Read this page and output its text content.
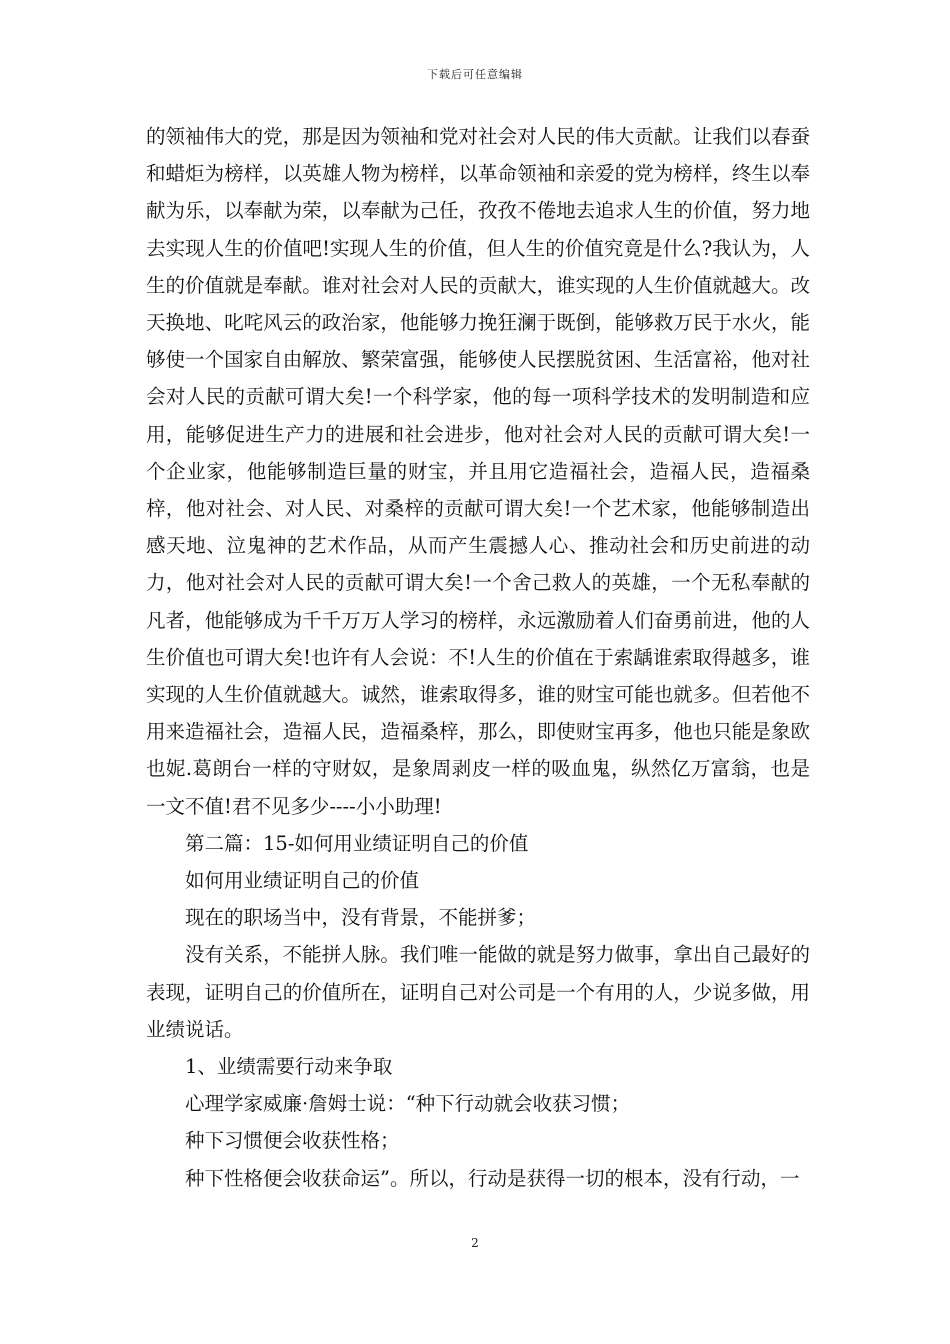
下载后可任意编辑

的领袖伟大的党，那是因为领袖和党对社会对人民的伟大贡献。让我们以春蚕和蜡炬为榜样，以英雄人物为榜样，以革命领袖和亲爱的党为榜样，终生以奉献为乐，以奉献为荣，以奉献为己任，孜孜不倦地去追求人生的价值，努力地去实现人生的价值吧!实现人生的价值，但人生的价值究竟是什么?我认为，人生的价值就是奉献。谁对社会对人民的贡献大，谁实现的人生价值就越大。改天换地、叱咤风云的政治家，他能够力挽狂澜于既倒，能够救万民于水火，能够使一个国家自由解放、繁荣富强，能够使人民摆脱贫困、生活富裕，他对社会对人民的贡献可谓大矣!一个科学家，他的每一项科学技术的发明制造和应用，能够促进生产力的进展和社会进步，他对社会对人民的贡献可谓大矣!一个企业家，他能够制造巨量的财宝，并且用它造福社会，造福人民，造福桑梓，他对社会、对人民、对桑梓的贡献可谓大矣!一个艺术家，他能够制造出感天地、泣鬼神的艺术作品，从而产生震撼人心、推动社会和历史前进的动力，他对社会对人民的贡献可谓大矣!一个舍己救人的英雄，一个无私奉献的凡者，他能够成为千千万万人学习的榜样，永远激励着人们奋勇前进，他的人生价值也可谓大矣!也许有人会说：不!人生的价值在于索龋谁索取得越多，谁实现的人生价值就越大。诚然，谁索取得多，谁的财宝可能也就多。但若他不用来造福社会，造福人民，造福桑梓，那么，即使财宝再多，他也只能是象欧也妮.葛朗台一样的守财奴，是象周剥皮一样的吸血鬼，纵然亿万富翁，也是一文不值!君不见多少----小小助理!

第二篇：15-如何用业绩证明自己的价值

如何用业绩证明自己的价值

现在的职场当中，没有背景，不能拼爹；

没有关系，不能拼人脉。我们唯一能做的就是努力做事，拿出自己最好的表现，证明自己的价值所在，证明自己对公司是一个有用的人，少说多做，用业绩说话。

1、业绩需要行动来争取

心理学家威廉·詹姆士说：“种下行动就会收获习惯；

种下习惯便会收获性格；

种下性格便会收获命运”。所以，行动是获得一切的根本，没有行动，一

2
